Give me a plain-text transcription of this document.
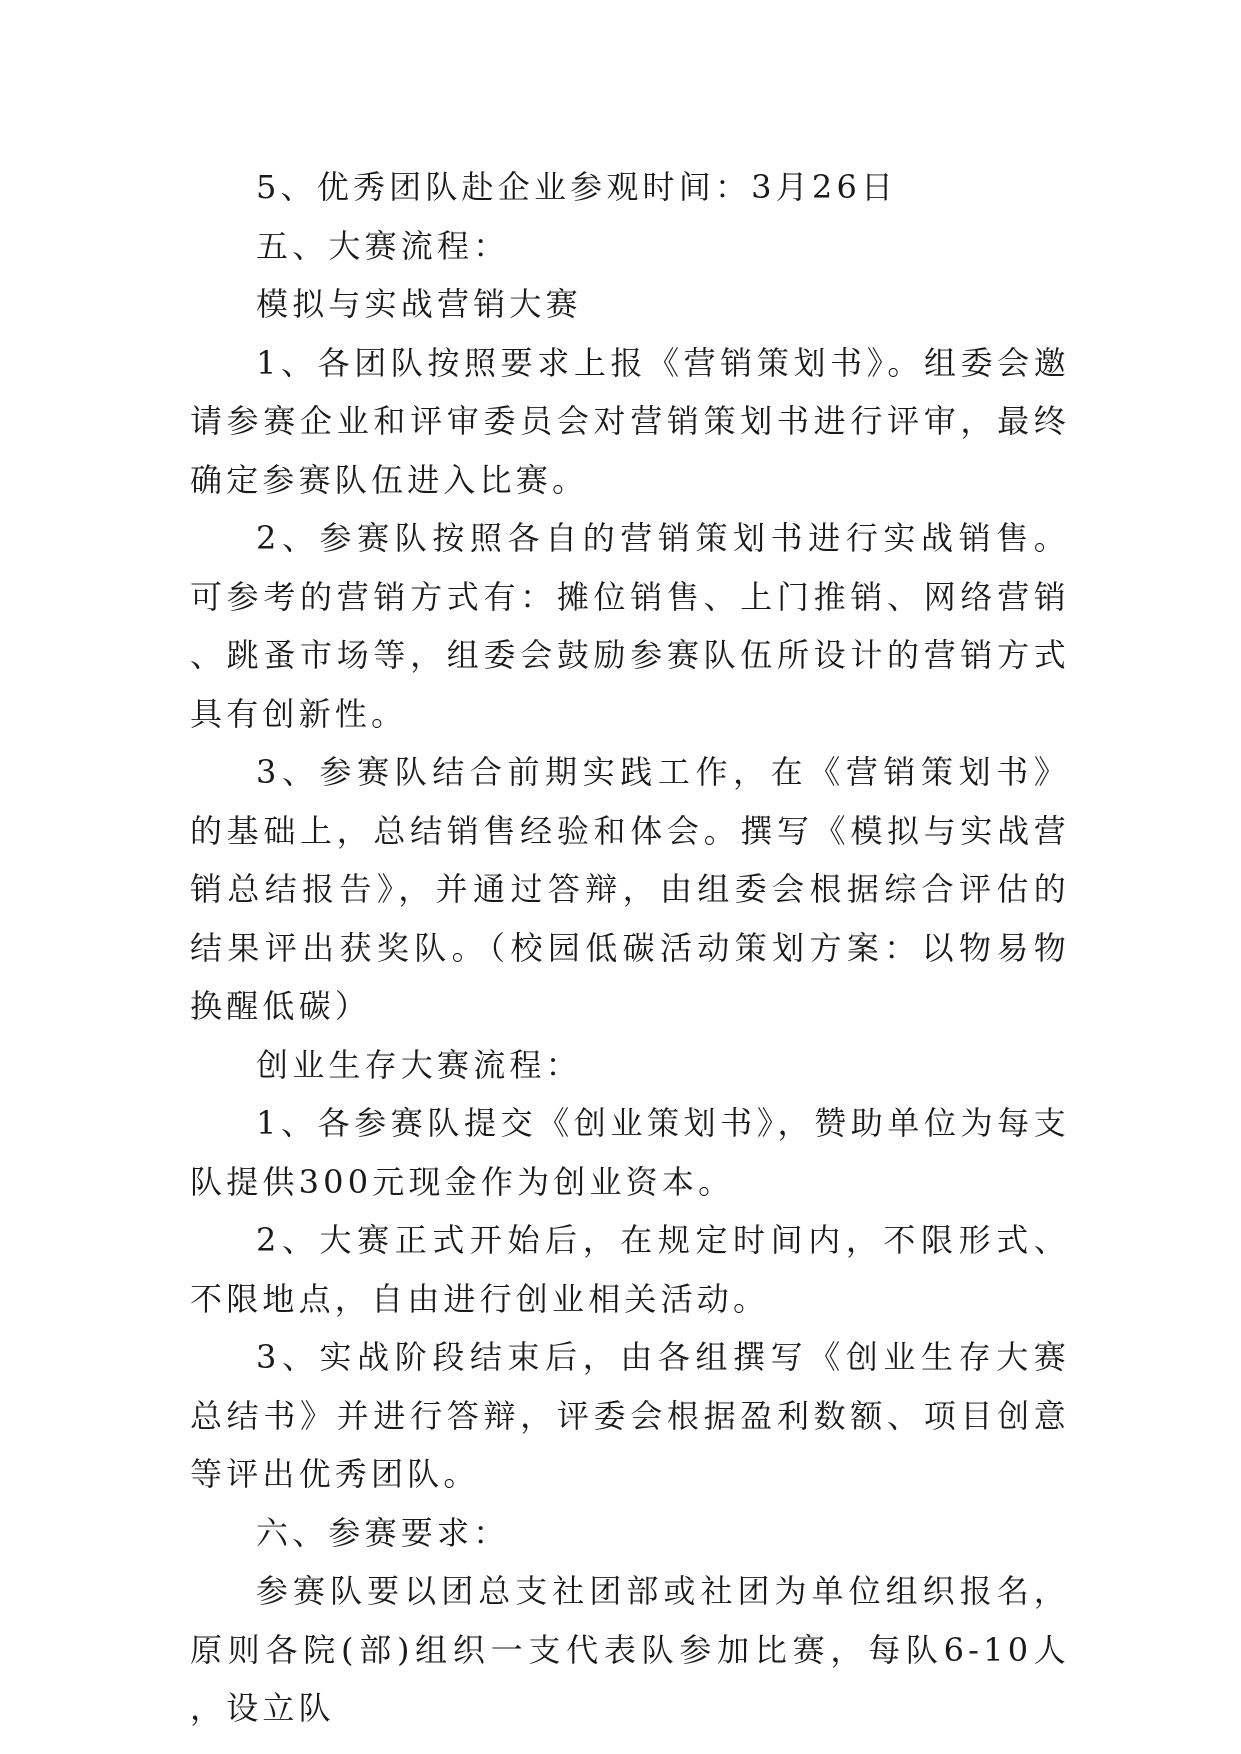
5、优秀团队赴企业参观时间：3月26日

五、大赛流程：

模拟与实战营销大赛

1、各团队按照要求上报《营销策划书》。组委会邀请参赛企业和评审委员会对营销策划书进行评审，最终确定参赛队伍进入比赛。

2、参赛队按照各自的营销策划书进行实战销售。可参考的营销方式有：摊位销售、上门推销、网络营销、跳蚤市场等，组委会鼓励参赛队伍所设计的营销方式具有创新性。

3、参赛队结合前期实践工作，在《营销策划书》的基础上，总结销售经验和体会。撰写《模拟与实战营销总结报告》，并通过答辩，由组委会根据综合评估的结果评出获奖队。（校园低碳活动策划方案：以物易物换醒低碳）

创业生存大赛流程：

1、各参赛队提交《创业策划书》，赞助单位为每支队提供300元现金作为创业资本。

2、大赛正式开始后，在规定时间内，不限形式、不限地点，自由进行创业相关活动。

3、实战阶段结束后，由各组撰写《创业生存大赛总结书》并进行答辩，评委会根据盈利数额、项目创意等评出优秀团队。

六、参赛要求：

参赛队要以团总支社团部或社团为单位组织报名，原则各院(部)组织一支代表队参加比赛，每队6-10人，设立队
